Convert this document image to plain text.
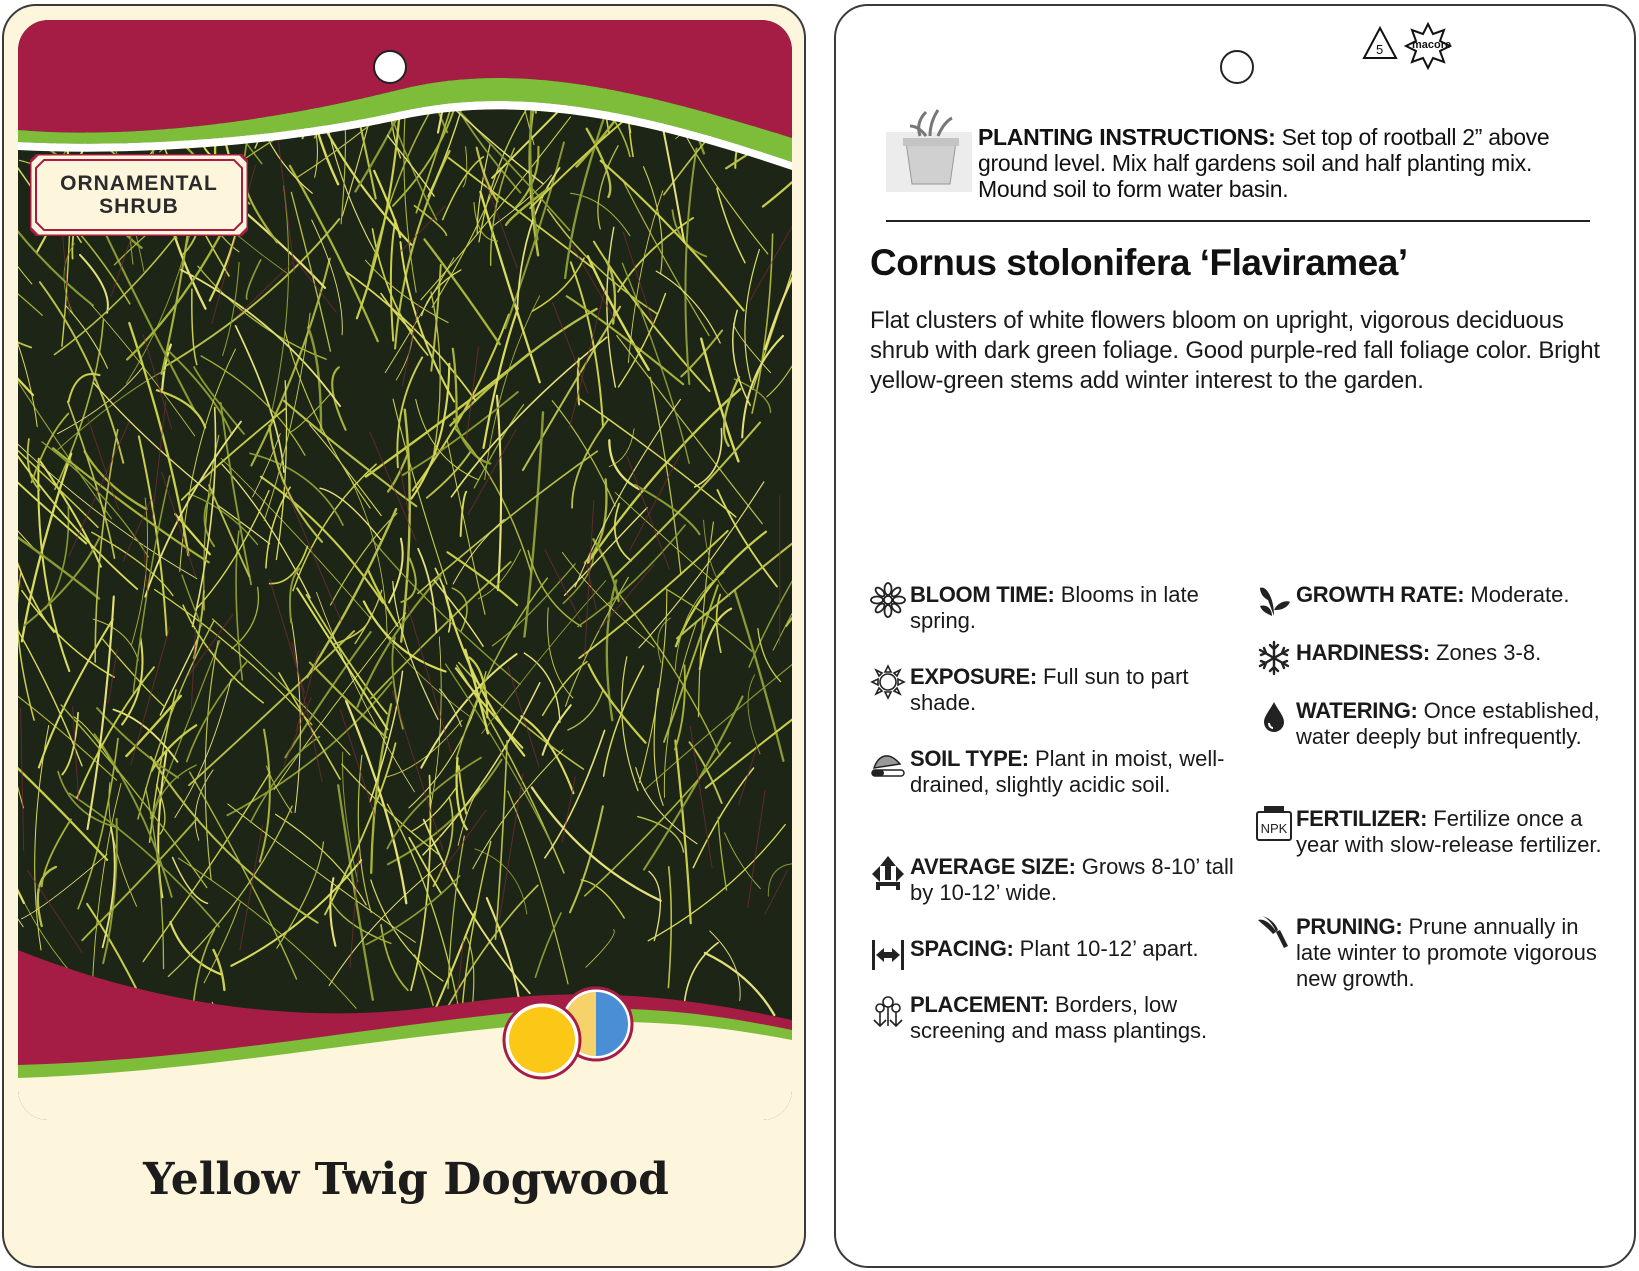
ORNAMENTAL
SHRUB
Yellow Twig Dogwood
5	macore
PLANTING INSTRUCTIONS: Set top of rootball 2” above ground level. Mix half gardens soil and half planting mix. Mound soil to form water basin.
Cornus stolonifera ‘Flaviramea’
Flat clusters of white flowers bloom on upright, vigorous deciduous shrub with dark green foliage. Good purple-red fall foliage color. Bright yellow-green stems add winter interest to the garden.
BLOOM TIME: Blooms in late spring.
EXPOSURE: Full sun to part shade.
SOIL TYPE: Plant in moist, well-drained, slightly acidic soil.
AVERAGE SIZE: Grows 8-10’ tall by 10-12’ wide.
SPACING: Plant 10-12’ apart.
PLACEMENT: Borders, low screening and mass plantings.
GROWTH RATE: Moderate.
HARDINESS: Zones 3-8.
WATERING: Once established, water deeply but infrequently.
NPK FERTILIZER: Fertilize once a year with slow-release fertilizer.
PRUNING: Prune annually in late winter to promote vigorous new growth.
